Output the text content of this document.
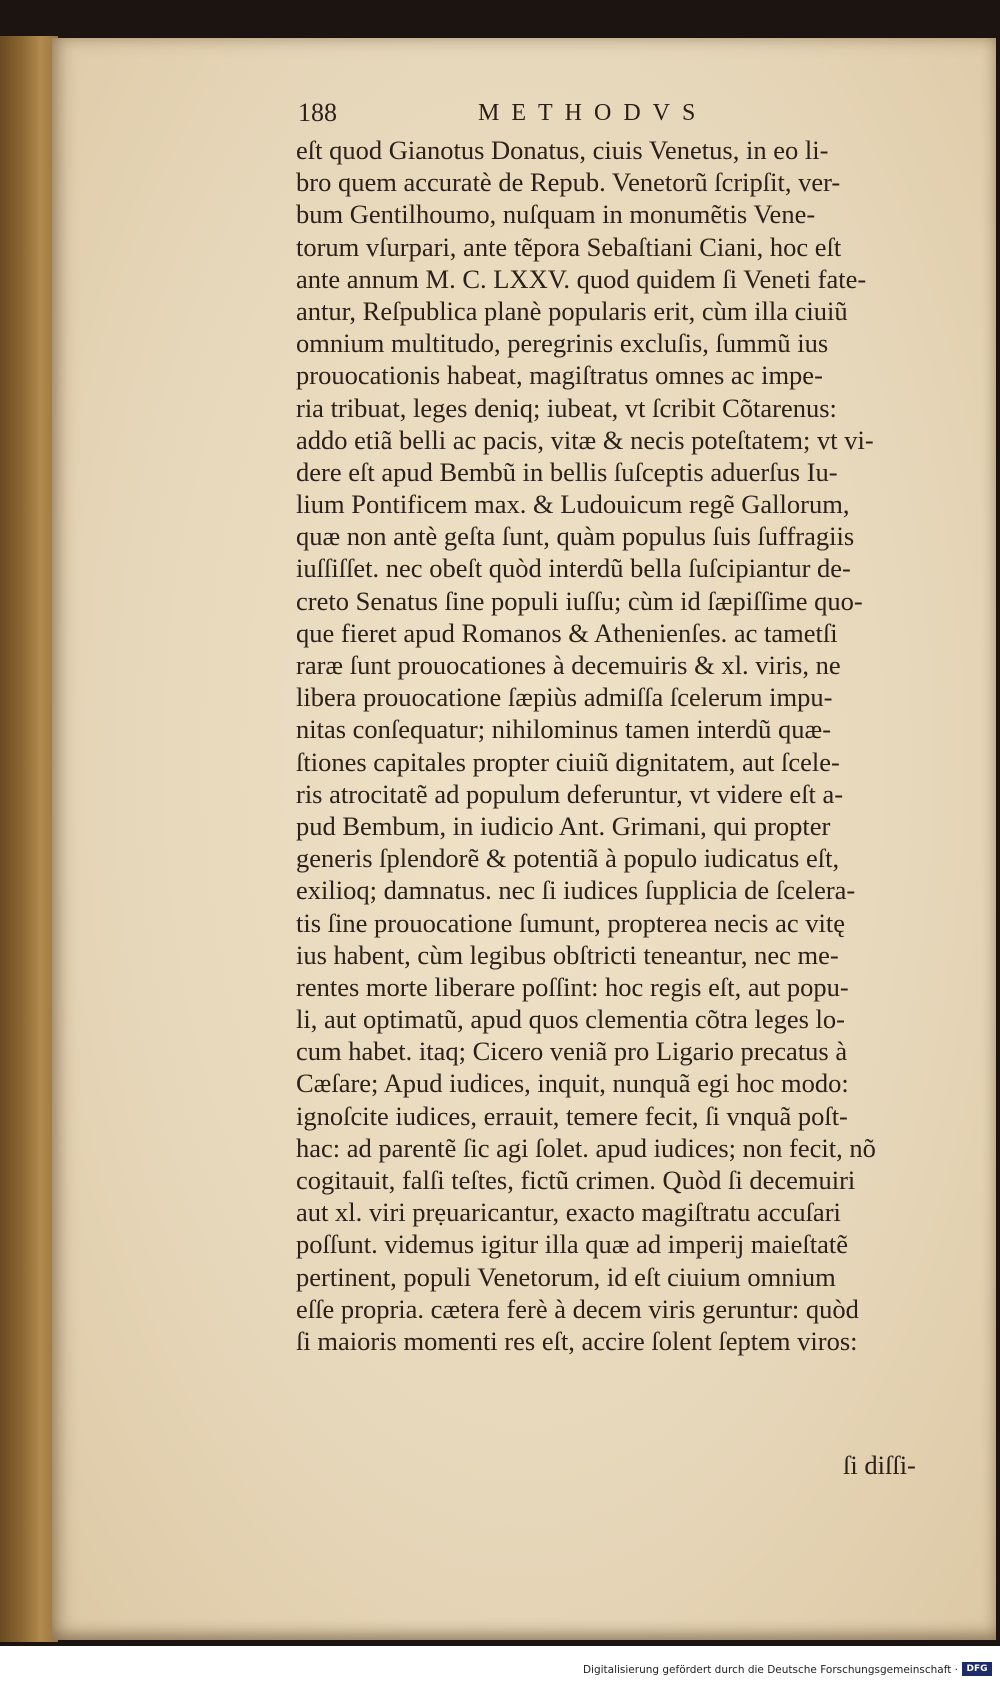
188	METHODVS
eſt quod Gianotus Donatus, ciuis Venetus, in eo li-
bro quem accuratè de Repub. Venetorũ ſcripſit, ver-
bum Gentilhoumo, nuſquam in monumẽtis Vene-
torum vſurpari, ante tẽpora Sebaſtiani Ciani, hoc eſt
ante annum M. C. LXXV. quod quidem ſi Veneti fate-
antur, Reſpublica planè popularis erit, cùm illa ciuiũ
omnium multitudo, peregrinis excluſis, ſummũ ius
prouocationis habeat, magiſtratus omnes ac impe-
ria tribuat, leges deniq; iubeat, vt ſcribit Cõtarenus:
addo etiã belli ac pacis, vitæ & necis poteſtatem; vt vi-
dere eſt apud Bembũ in bellis ſuſceptis aduerſus Iu-
lium Pontificem max. & Ludouicum regẽ Gallorum,
quæ non antè geſta ſunt, quàm populus ſuis ſuffragiis
iuſſiſſet. nec obeſt quòd interdũ bella ſuſcipiantur de-
creto Senatus ſine populi iuſſu; cùm id ſæpiſſime quo-
que fieret apud Romanos & Athenienſes. ac tametſi
raræ ſunt prouocationes à decemuiris & xl. viris, ne
libera prouocatione ſæpiùs admiſſa ſcelerum impu-
nitas conſequatur; nihilominus tamen interdũ quæ-
ſtiones capitales propter ciuiũ dignitatem, aut ſcele-
ris atrocitatẽ ad populum deferuntur, vt videre eſt a-
pud Bembum, in iudicio Ant. Grimani, qui propter
generis ſplendorẽ & potentiã à populo iudicatus eſt,
exilioq; damnatus. nec ſi iudices ſupplicia de ſcelera-
tis ſine prouocatione ſumunt, propterea necis ac vitę
ius habent, cùm legibus obſtricti teneantur, nec me-
rentes morte liberare poſſint: hoc regis eſt, aut popu-
li, aut optimatũ, apud quos clementia cõtra leges lo-
cum habet. itaq; Cicero veniã pro Ligario precatus à
Cæſare; Apud iudices, inquit, nunquã egi hoc modo:
ignoſcite iudices, errauit, temere fecit, ſi vnquã poſt-
hac: ad parentẽ ſic agi ſolet. apud iudices; non fecit, nõ
cogitauit, falſi teſtes, fictũ crimen. Quòd ſi decemuiri
aut xl. viri prẹuaricantur, exacto magiſtratu accuſari
poſſunt. videmus igitur illa quæ ad imperij maieſtatẽ
pertinent, populi Venetorum, id eſt ciuium omnium
eſſe propria. cætera ferè à decem viris geruntur: quòd
ſi maioris momenti res eſt, accire ſolent ſeptem viros:
ſi diſſi-
Digitalisierung gefördert durch die Deutsche Forschungsgemeinschaft · DFG
